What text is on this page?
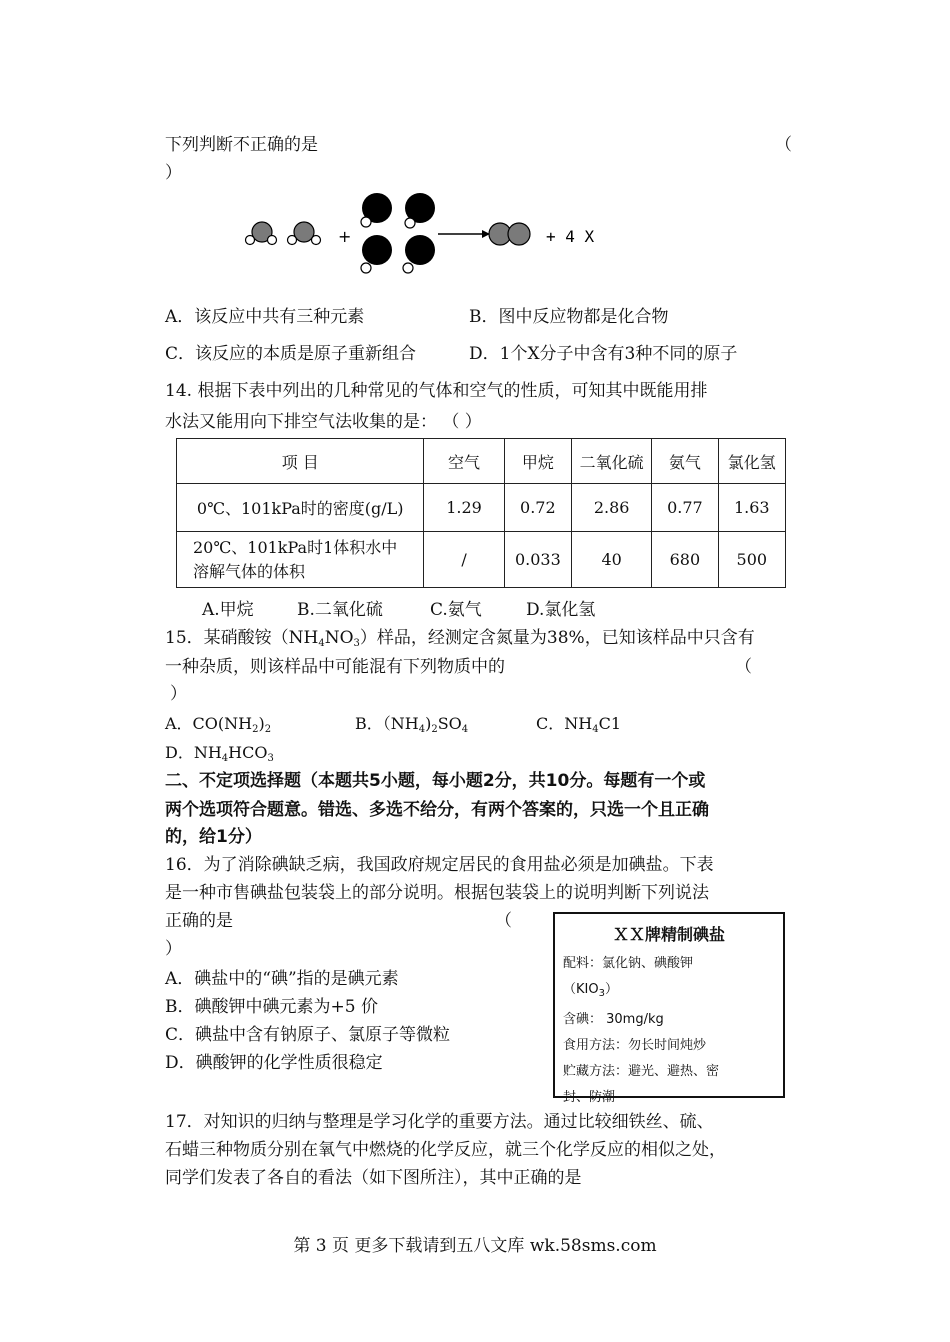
下列判断不正确的是	（
）
+	+ 4 X
A．该反应中共有三种元素	B．图中反应物都是化合物
C．该反应的本质是原子重新组合	D．1个X分子中含有3种不同的原子
14. 根据下表中列出的几种常见的气体和空气的性质，可知其中既能用排
水法又能用向下排空气法收集的是： （ ）
项 目	空气	甲烷	二氧化硫	氨气	氯化氢
0℃、101kPa时的密度(g/L)	1.29	0.72	2.86	0.77	1.63

20℃、101kPa时1体积水中
溶解气体的体积	/	0.033	40	680	500
A.甲烷	B.二氧化硫	C.氨气	D.氯化氢
15．某硝酸铵$(NH_4NO_3)$样品，经测定含氮量为38%，已知该样品中只含有
一种杂质，则该样品中可能混有下列物质中的	（
）
A．$CO(NH_2)_2$	B．$(NH_4)_2SO_4$	C．$NH_4C1$
D．$NH_4HCO_3$
二、不定项选择题（本题共5小题，每小题2分，共10分。每题有一个或
两个选项符合题意。错选、多选不给分，有两个答案的，只选一个且正确
的，给1分）
16．为了消除碘缺乏病，我国政府规定居民的食用盐必须是加碘盐。下表
是一种市售碘盐包装袋上的部分说明。根据包装袋上的说明判断下列说法
正确的是	（
）
A．碘盐中的“碘”指的是碘元素
B．碘酸钾中碘元素为+5 价
C．碘盐中含有钠原子、氯原子等微粒
D．碘酸钾的化学性质很稳定
ＸＸ牌精制碘盐
配料：氯化钠、碘酸钾
$(KIO_3)$
含碘： 30mg/kg
食用方法：勿长时间炖炒
贮藏方法：避光、避热、密
封、防潮
17．对知识的归纳与整理是学习化学的重要方法。通过比较细铁丝、硫、
石蜡三种物质分别在氧气中燃烧的化学反应，就三个化学反应的相似之处，
同学们发表了各自的看法（如下图所注），其中正确的是
第 3 页 更多下载请到五八文库 wk.58sms.com
